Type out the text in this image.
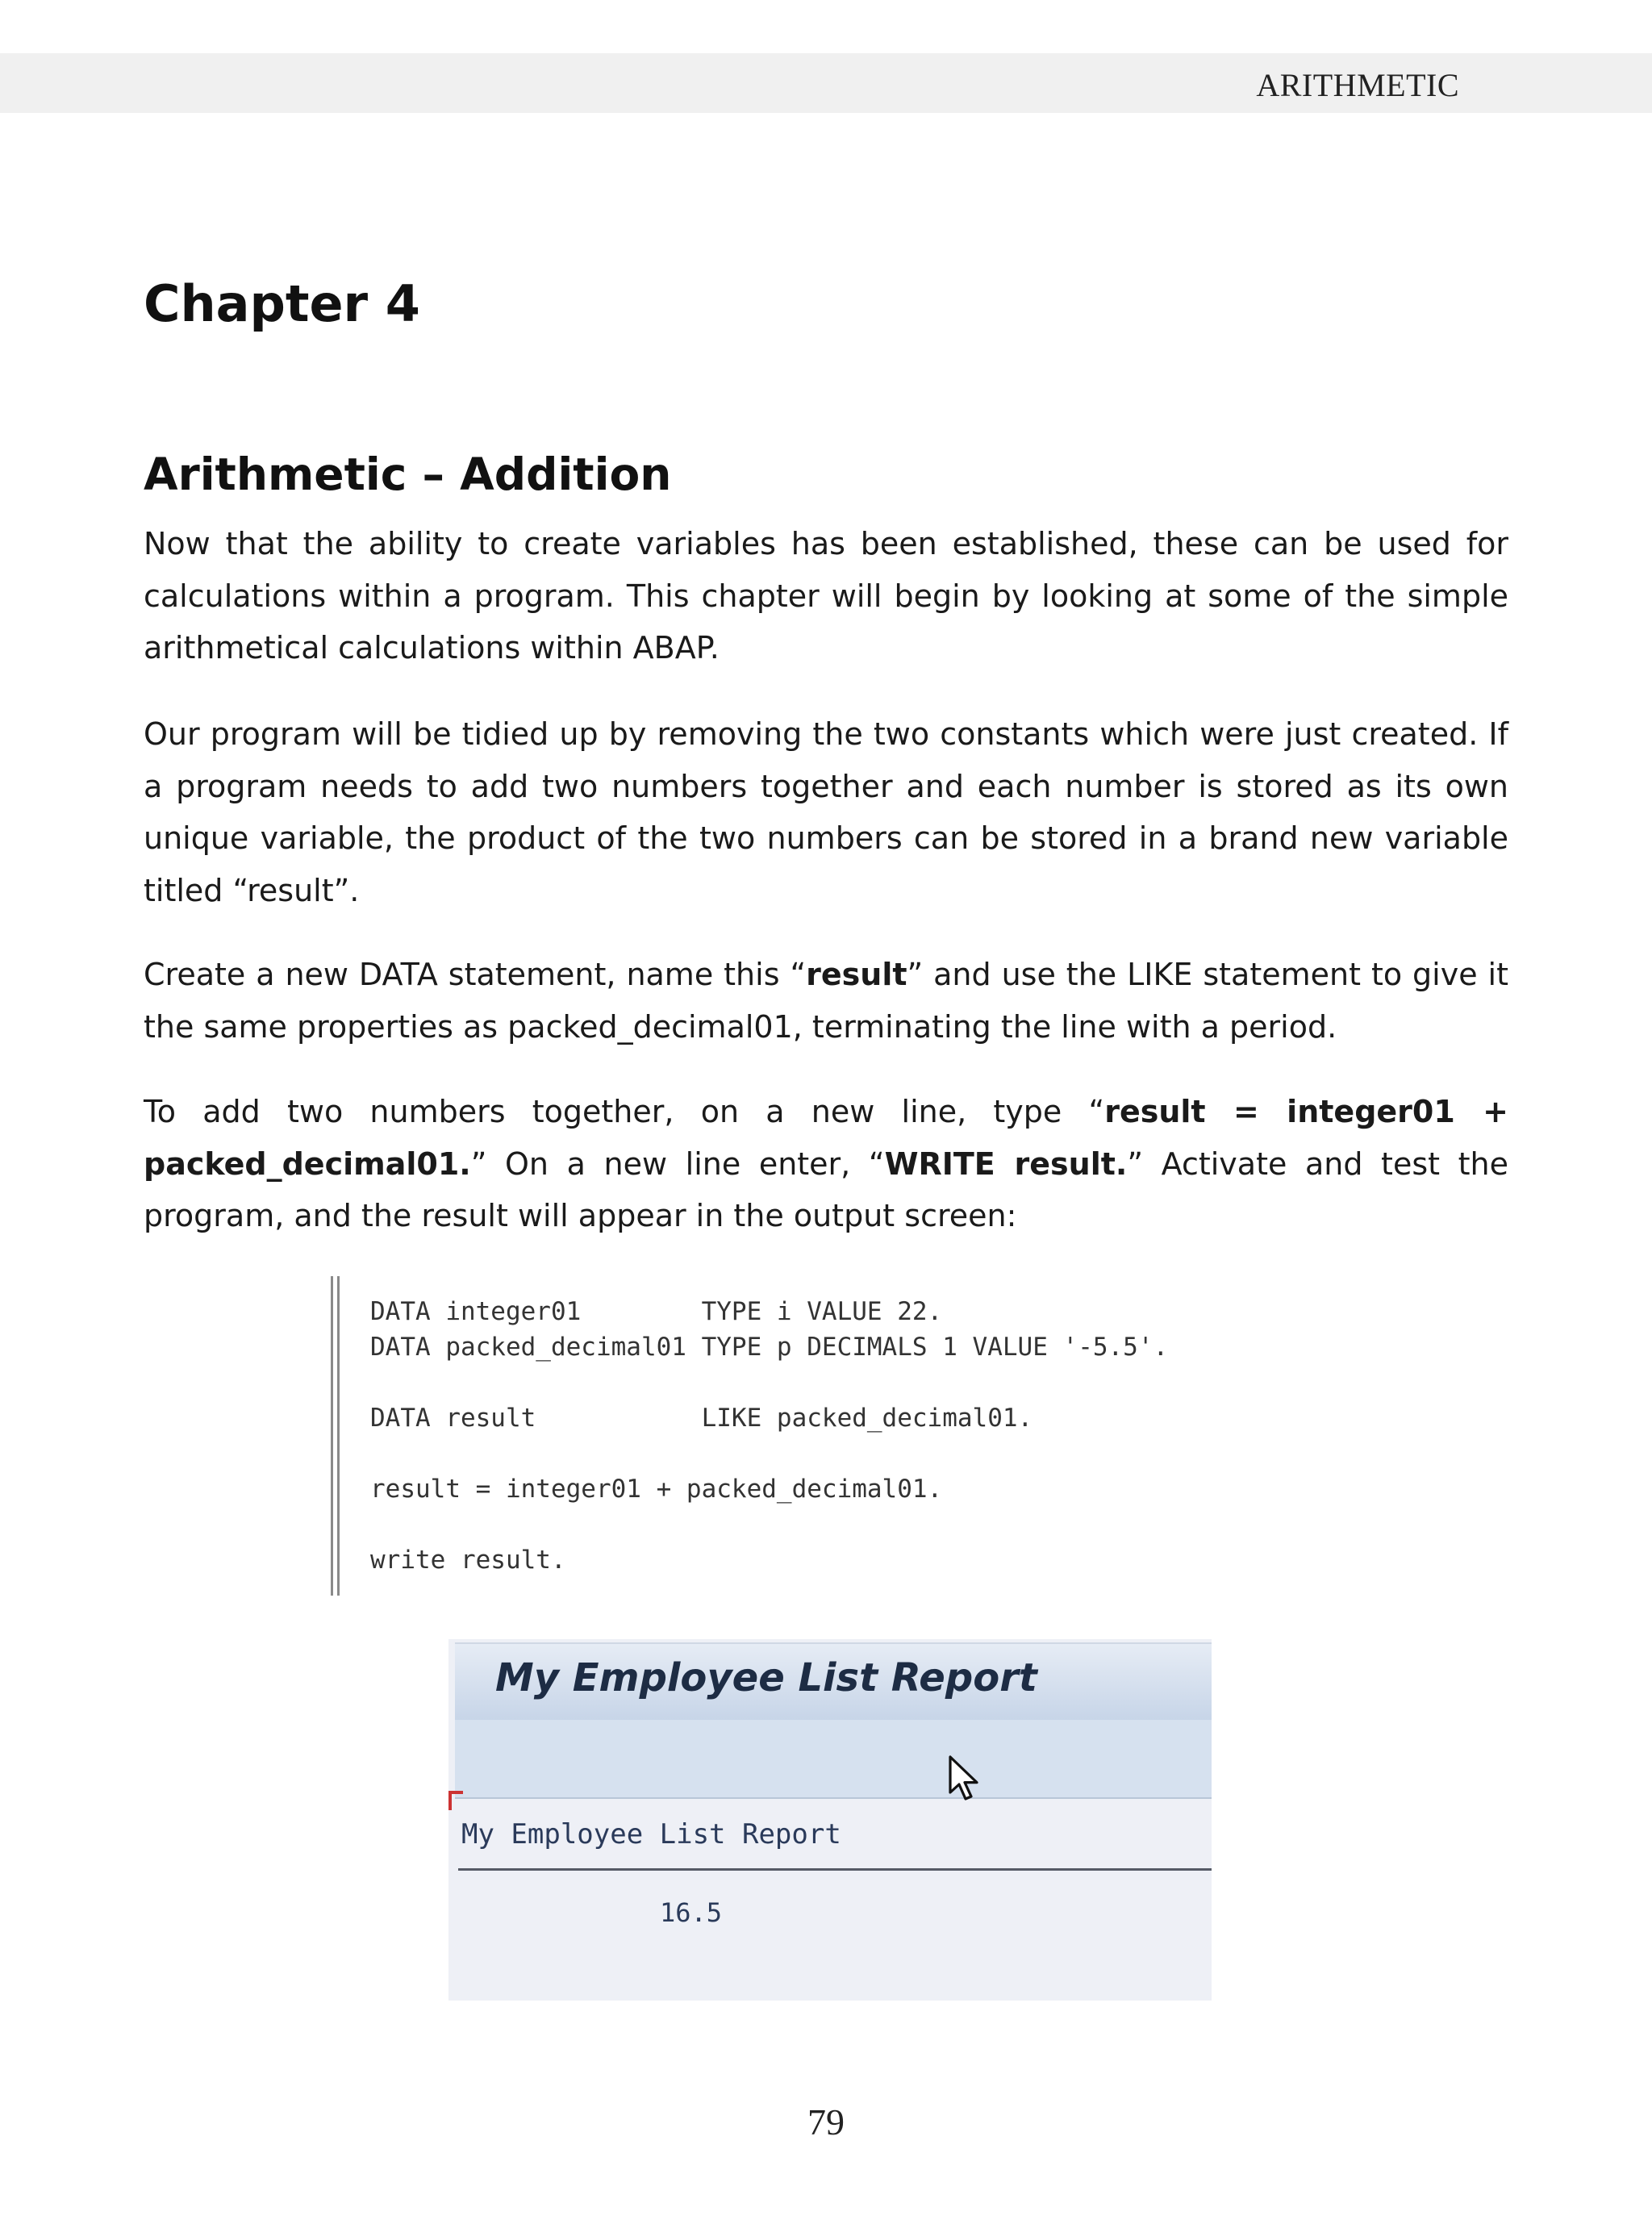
ARITHMETIC
Chapter 4
Arithmetic – Addition

Now that the ability to create variables has been established, these can be used for calculations within a program. This chapter will begin by looking at some of the simple arithmetical calculations within ABAP.

Our program will be tidied up by removing the two constants which were just created. If a program needs to add two numbers together and each number is stored as its own unique variable, the product of the two numbers can be stored in a brand new variable titled “result”.

Create a new DATA statement, name this “result” and use the LIKE statement to give it the same properties as packed_decimal01, terminating the line with a period.

To add two numbers together, on a new line, type “result = integer01 + packed_decimal01.” On a new line enter, “WRITE result.” Activate and test the program, and the result will appear in the output screen:

DATA integer01        TYPE i VALUE 22.
DATA packed_decimal01 TYPE p DECIMALS 1 VALUE '-5.5'.
DATA result           LIKE packed_decimal01.
result = integer01 + packed_decimal01.
write result.
My Employee List Report
My Employee List Report
16.5
79
